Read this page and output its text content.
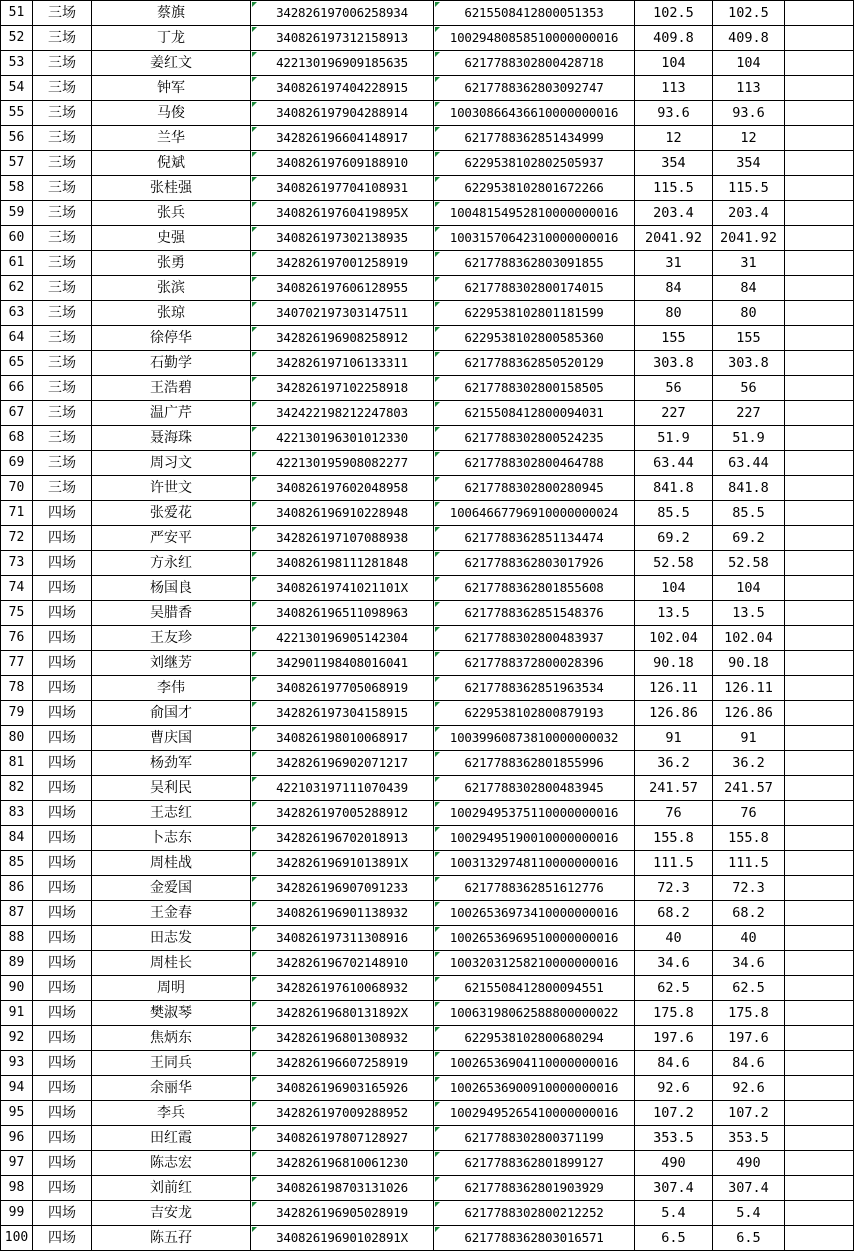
51	三场	蔡旗	342826197006258934	6215508412800051353	102.5	102.5	
52	三场	丁龙	340826197312158913	10029480858510000000016	409.8	409.8	
53	三场	姜红文	422130196909185635	6217788302800428718	104	104	
54	三场	钟军	340826197404228915	6217788362803092747	113	113	
55	三场	马俊	340826197904288914	10030866436610000000016	93.6	93.6	
56	三场	兰华	342826196604148917	6217788362851434999	12	12	
57	三场	倪斌	340826197609188910	6229538102802505937	354	354	
58	三场	张桂强	340826197704108931	6229538102801672266	115.5	115.5	
59	三场	张兵	34082619760419895X	10048154952810000000016	203.4	203.4	
60	三场	史强	340826197302138935	10031570642310000000016	2041.92	2041.92	
61	三场	张勇	342826197001258919	6217788362803091855	31	31	
62	三场	张滨	340826197606128955	6217788302800174015	84	84	
63	三场	张琼	340702197303147511	6229538102801181599	80	80	
64	三场	徐停华	342826196908258912	6229538102800585360	155	155	
65	三场	石勤学	342826197106133311	6217788362850520129	303.8	303.8	
66	三场	王浩碧	342826197102258918	6217788302800158505	56	56	
67	三场	温广芹	342422198212247803	6215508412800094031	227	227	
68	三场	聂海珠	422130196301012330	6217788302800524235	51.9	51.9	
69	三场	周习文	422130195908082277	6217788302800464788	63.44	63.44	
70	三场	许世文	340826197602048958	6217788302800280945	841.8	841.8	
71	四场	张爱花	340826196910228948	10064667796910000000024	85.5	85.5	
72	四场	严安平	342826197107088938	6217788362851134474	69.2	69.2	
73	四场	方永红	340826198111281848	6217788362803017926	52.58	52.58	
74	四场	杨国良	34082619741021101X	6217788362801855608	104	104	
75	四场	吴腊香	340826196511098963	6217788362851548376	13.5	13.5	
76	四场	王友珍	422130196905142304	6217788302800483937	102.04	102.04	
77	四场	刘继芳	342901198408016041	6217788372800028396	90.18	90.18	
78	四场	李伟	340826197705068919	6217788362851963534	126.11	126.11	
79	四场	俞国才	342826197304158915	6229538102800879193	126.86	126.86	
80	四场	曹庆国	340826198010068917	10039960873810000000032	91	91	
81	四场	杨劲军	342826196902071217	6217788362801855996	36.2	36.2	
82	四场	吴利民	422103197111070439	6217788302800483945	241.57	241.57	
83	四场	王志红	342826197005288912	10029495375110000000016	76	76	
84	四场	卜志东	342826196702018913	10029495190010000000016	155.8	155.8	
85	四场	周桂战	34282619691013891X	10031329748110000000016	111.5	111.5	
86	四场	金爱国	342826196907091233	6217788362851612776	72.3	72.3	
87	四场	王金春	340826196901138932	10026536973410000000016	68.2	68.2	
88	四场	田志发	340826197311308916	10026536969510000000016	40	40	
89	四场	周桂长	342826196702148910	10032031258210000000016	34.6	34.6	
90	四场	周明	342826197610068932	6215508412800094551	62.5	62.5	
91	四场	樊淑琴	34282619680131892X	10063198062588800000022	175.8	175.8	
92	四场	焦炳东	342826196801308932	6229538102800680294	197.6	197.6	
93	四场	王同兵	342826196607258919	10026536904110000000016	84.6	84.6	
94	四场	余丽华	340826196903165926	10026536900910000000016	92.6	92.6	
95	四场	李兵	342826197009288952	10029495265410000000016	107.2	107.2	
96	四场	田红霞	340826197807128927	6217788302800371199	353.5	353.5	
97	四场	陈志宏	342826196810061230	6217788362801899127	490	490	
98	四场	刘前红	340826198703131026	6217788362801903929	307.4	307.4	
99	四场	吉安龙	342826196905028919	6217788302800212252	5.4	5.4	
100	四场	陈五孖	34082619690102891X	6217788362803016571	6.5	6.5	
